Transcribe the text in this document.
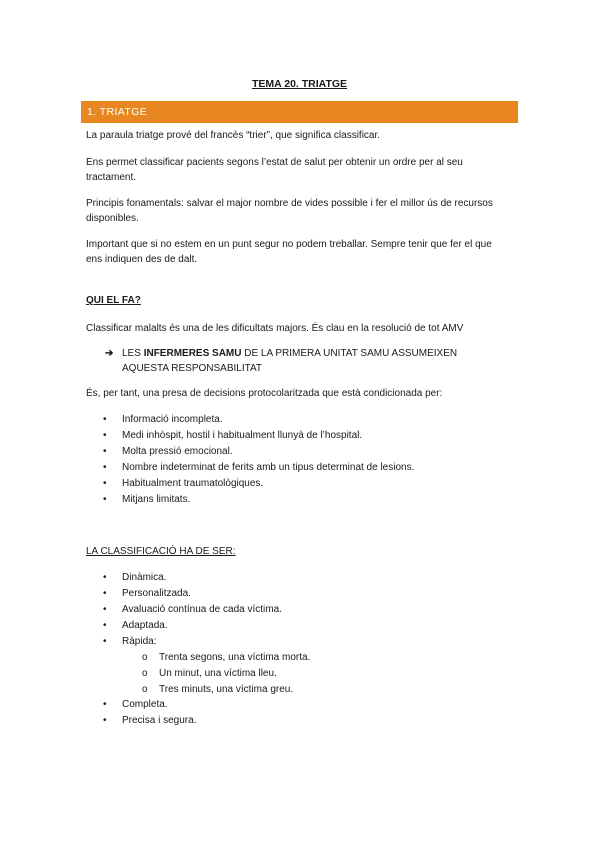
TEMA 20. TRIATGE
1. TRIATGE
La paraula triatge prové del francès “trier”, que significa classificar.
Ens permet classificar pacients segons l’estat de salut per obtenir un ordre per al seu tractament.
Principis fonamentals: salvar el major nombre de vides possible i fer el millor ús de recursos disponibles.
Important que si no estem en un punt segur no podem treballar. Sempre tenir que fer el que ens indiquen des de dalt.
QUI EL FA?
Classificar malalts és una de les dificultats majors. És clau en la resolució de tot AMV
➔ LES INFERMERES SAMU DE LA PRIMERA UNITAT SAMU ASSUMEIXEN AQUESTA RESPONSABILITAT
És, per tant, una presa de decisions protocolaritzada que està condicionada per:
• Informació incompleta.
• Medi inhòspit, hostil i habitualment llunyà de l’hospital.
• Molta pressió emocional.
• Nombre indeterminat de ferits amb un tipus determinat de lesions.
• Habitualment traumatològiques.
• Mitjans limitats.
LA CLASSIFICACIÓ HA DE SER:
• Dinàmica.
• Personalitzada.
• Avaluació contínua de cada víctima.
• Adaptada.
• Ràpida:
o Trenta segons, una víctima morta.
o Un minut, una víctima lleu.
o Tres minuts, una víctima greu.
• Completa.
• Precisa i segura.
